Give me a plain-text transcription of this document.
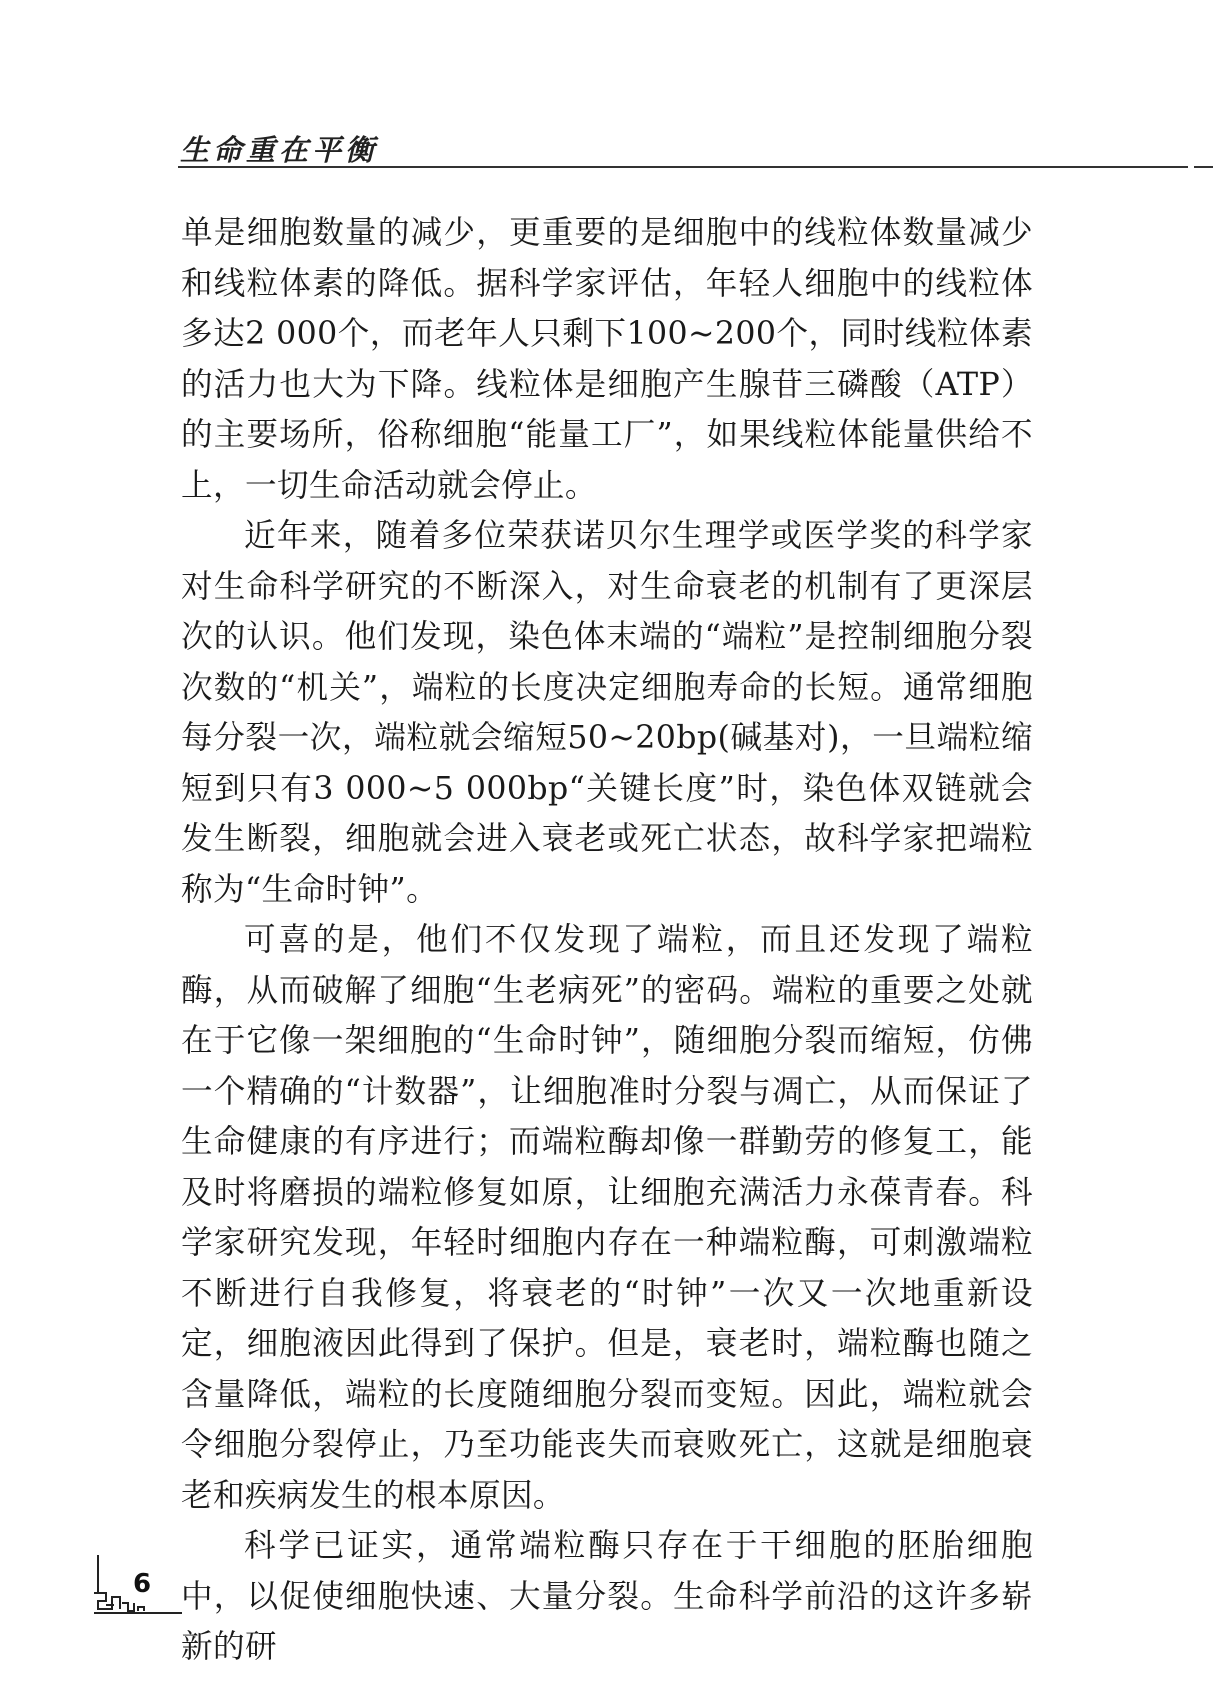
生命重在平衡

单是细胞数量的减少，更重要的是细胞中的线粒体数量减少和线粒体素的降低。据科学家评估，年轻人细胞中的线粒体多达2 000个，而老年人只剩下100~200个，同时线粒体素的活力也大为下降。线粒体是细胞产生腺苷三磷酸（ATP）的主要场所，俗称细胞“能量工厂”，如果线粒体能量供给不上，一切生命活动就会停止。

近年来，随着多位荣获诺贝尔生理学或医学奖的科学家对生命科学研究的不断深入，对生命衰老的机制有了更深层次的认识。他们发现，染色体末端的“端粒”是控制细胞分裂次数的“机关”，端粒的长度决定细胞寿命的长短。通常细胞每分裂一次，端粒就会缩短50~20bp(碱基对)，一旦端粒缩短到只有3 000~5 000bp“关键长度”时，染色体双链就会发生断裂，细胞就会进入衰老或死亡状态，故科学家把端粒称为“生命时钟”。

可喜的是，他们不仅发现了端粒，而且还发现了端粒酶，从而破解了细胞“生老病死”的密码。端粒的重要之处就在于它像一架细胞的“生命时钟”，随细胞分裂而缩短，仿佛一个精确的“计数器”，让细胞准时分裂与凋亡，从而保证了生命健康的有序进行；而端粒酶却像一群勤劳的修复工，能及时将磨损的端粒修复如原，让细胞充满活力永葆青春。科学家研究发现，年轻时细胞内存在一种端粒酶，可刺激端粒不断进行自我修复，将衰老的“时钟”一次又一次地重新设定，细胞液因此得到了保护。但是，衰老时，端粒酶也随之含量降低，端粒的长度随细胞分裂而变短。因此，端粒就会令细胞分裂停止，乃至功能丧失而衰败死亡，这就是细胞衰老和疾病发生的根本原因。

科学已证实，通常端粒酶只存在于干细胞的胚胎细胞中，以促使细胞快速、大量分裂。生命科学前沿的这许多崭新的研

6
